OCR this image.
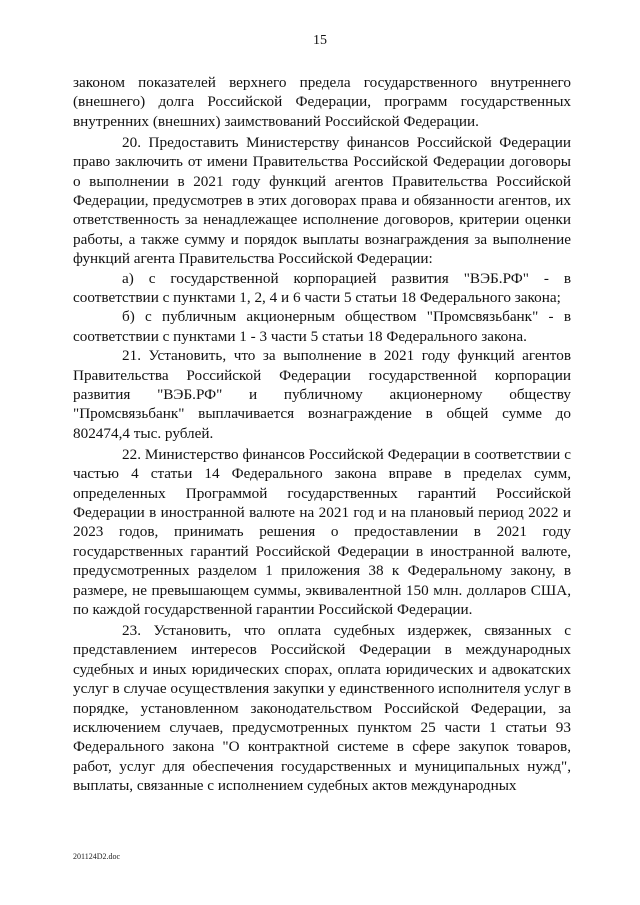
15

законом показателей верхнего предела государственного внутреннего (внешнего) долга Российской Федерации, программ государственных внутренних (внешних) заимствований Российской Федерации.

20. Предоставить Министерству финансов Российской Федерации право заключить от имени Правительства Российской Федерации договоры о выполнении в 2021 году функций агентов Правительства Российской Федерации, предусмотрев в этих договорах права и обязанности агентов, их ответственность за ненадлежащее исполнение договоров, критерии оценки работы, а также сумму и порядок выплаты вознаграждения за выполнение функций агента Правительства Российской Федерации:

а) с государственной корпорацией развития "ВЭБ.РФ" - в соответствии с пунктами 1, 2, 4 и 6 части 5 статьи 18 Федерального закона;

б) с публичным акционерным обществом "Промсвязьбанк" - в соответствии с пунктами 1 - 3 части 5 статьи 18 Федерального закона.

21. Установить, что за выполнение в 2021 году функций агентов Правительства Российской Федерации государственной корпорации развития "ВЭБ.РФ" и публичному акционерному обществу "Промсвязьбанк" выплачивается вознаграждение в общей сумме до 802474,4 тыс. рублей.

22. Министерство финансов Российской Федерации в соответствии с частью 4 статьи 14 Федерального закона вправе в пределах сумм, определенных Программой государственных гарантий Российской Федерации в иностранной валюте на 2021 год и на плановый период 2022 и 2023 годов, принимать решения о предоставлении в 2021 году государственных гарантий Российской Федерации в иностранной валюте, предусмотренных разделом 1 приложения 38 к Федеральному закону, в размере, не превышающем суммы, эквивалентной 150 млн. долларов США, по каждой государственной гарантии Российской Федерации.

23. Установить, что оплата судебных издержек, связанных с представлением интересов Российской Федерации в международных судебных и иных юридических спорах, оплата юридических и адвокатских услуг в случае осуществления закупки у единственного исполнителя услуг в порядке, установленном законодательством Российской Федерации, за исключением случаев, предусмотренных пунктом 25 части 1 статьи 93 Федерального закона "О контрактной системе в сфере закупок товаров, работ, услуг для обеспечения государственных и муниципальных нужд", выплаты, связанные с исполнением судебных актов международных

201124D2.doc
